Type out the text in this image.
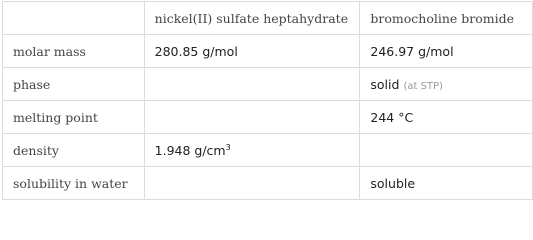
	nickel(II) sulfate heptahydrate	bromocholine bromide
molar mass	280.85 g/mol	246.97 g/mol
phase		solid (at STP)
melting point		244 °C
density	1.948 $g/cm^3$	
solubility in water		soluble
